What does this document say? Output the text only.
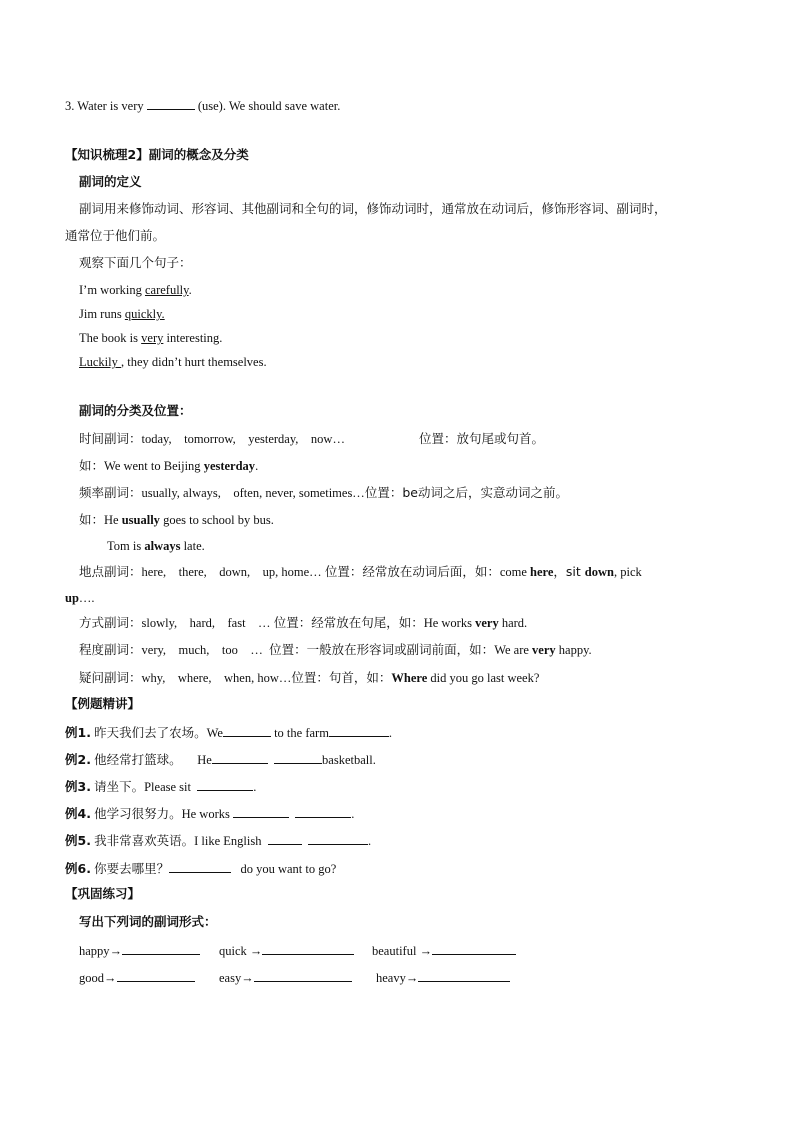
3. Water is very	(use). We should save water.
【知识梳理2】副词的概念及分类
副词的定义
副词用来修饰动词、形容词、其他副词和全句的词，修饰动词时，通常放在动词后，修饰形容词、副词时，
通常位于他们前。
观察下面几个句子：
I’m working carefully.
Jim runs quickly.
The book is very interesting.
Luckily , they didn’t hurt themselves.
副词的分类及位置：
时间副词：today,    tomorrow,    yesterday,    now…	位置：放句尾或句首。
如：We went to Beijing yesterday.
频率副词：usually, always,    often, never, sometimes…位置：be动词之后，实意动词之前。
如：He usually goes to school by bus.
Tom is always late.
地点副词：here,    there,    down,    up, home… 位置：经常放在动词后面，如：come here，sit down, pick
up….
方式副词：slowly,    hard,    fast    … 位置：经常放在句尾，如：He works very hard.
程度副词：very,    much,    too    …  位置：一般放在形容词或副词前面，如：We are very happy.
疑问副词：why,    where,    when, how…位置：句首，如：Where did you go last week?
【例题精讲】
例1. 昨天我们去了农场。We	to the farm	.
例2. 他经常打篮球。 He	basketball.
例3. 请坐下。Please sit	.
例4. 他学习很努力。He works	.
例5. 我非常喜欢英语。I like English	.
例6. 你要去哪里？	do you want to go?
【巩固练习】
写出下列词的副词形式：
happy→	quick →	beautiful →
good→	easy→	heavy→
